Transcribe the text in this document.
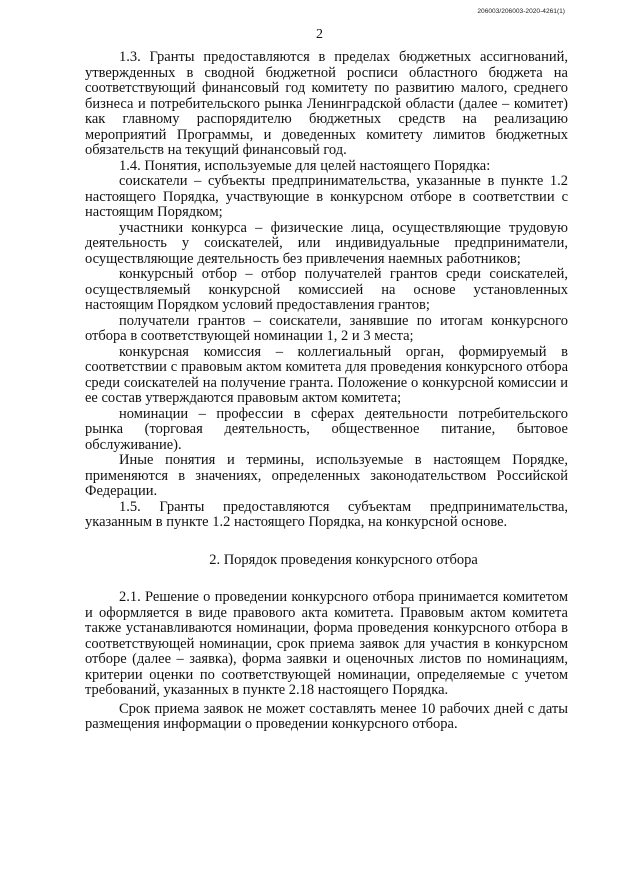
206003/206003-2020-4261(1)
2

1.3. Гранты предоставляются в пределах бюджетных ассигнований, утвержденных в сводной бюджетной росписи областного бюджета на соответствующий финансовый год комитету по развитию малого, среднего бизнеса и потребительского рынка Ленинградской области (далее – комитет) как главному распорядителю бюджетных средств на реализацию мероприятий Программы, и доведенных комитету лимитов бюджетных обязательств на текущий финансовый год.

1.4. Понятия, используемые для целей настоящего Порядка:

соискатели – субъекты предпринимательства, указанные в пункте 1.2 настоящего Порядка, участвующие в конкурсном отборе в соответствии с настоящим Порядком;

участники конкурса – физические лица, осуществляющие трудовую деятельность у соискателей, или индивидуальные предприниматели, осуществляющие деятельность без привлечения наемных работников;

конкурсный отбор – отбор получателей грантов среди соискателей, осуществляемый конкурсной комиссией на основе установленных настоящим Порядком условий предоставления грантов;

получатели грантов – соискатели, занявшие по итогам конкурсного отбора в соответствующей номинации 1, 2 и 3 места;

конкурсная комиссия – коллегиальный орган, формируемый в соответствии с правовым актом комитета для проведения конкурсного отбора среди соискателей на получение гранта. Положение о конкурсной комиссии и ее состав утверждаются правовым актом комитета;

номинации – профессии в сферах деятельности потребительского рынка (торговая деятельность, общественное питание, бытовое обслуживание).

Иные понятия и термины, используемые в настоящем Порядке, применяются в значениях, определенных законодательством Российской Федерации.

1.5. Гранты предоставляются субъектам предпринимательства, указанным в пункте 1.2 настоящего Порядка, на конкурсной основе.

2. Порядок проведения конкурсного отбора

2.1. Решение о проведении конкурсного отбора принимается комитетом и оформляется в виде правового акта комитета. Правовым актом комитета также устанавливаются номинации, форма проведения конкурсного отбора в соответствующей номинации, срок приема заявок для участия в конкурсном отборе (далее – заявка), форма заявки и оценочных листов по номинациям, критерии оценки по соответствующей номинации, определяемые с учетом требований, указанных в пункте 2.18 настоящего Порядка.

Срок приема заявок не может составлять менее 10 рабочих дней с даты размещения информации о проведении конкурсного отбора.
